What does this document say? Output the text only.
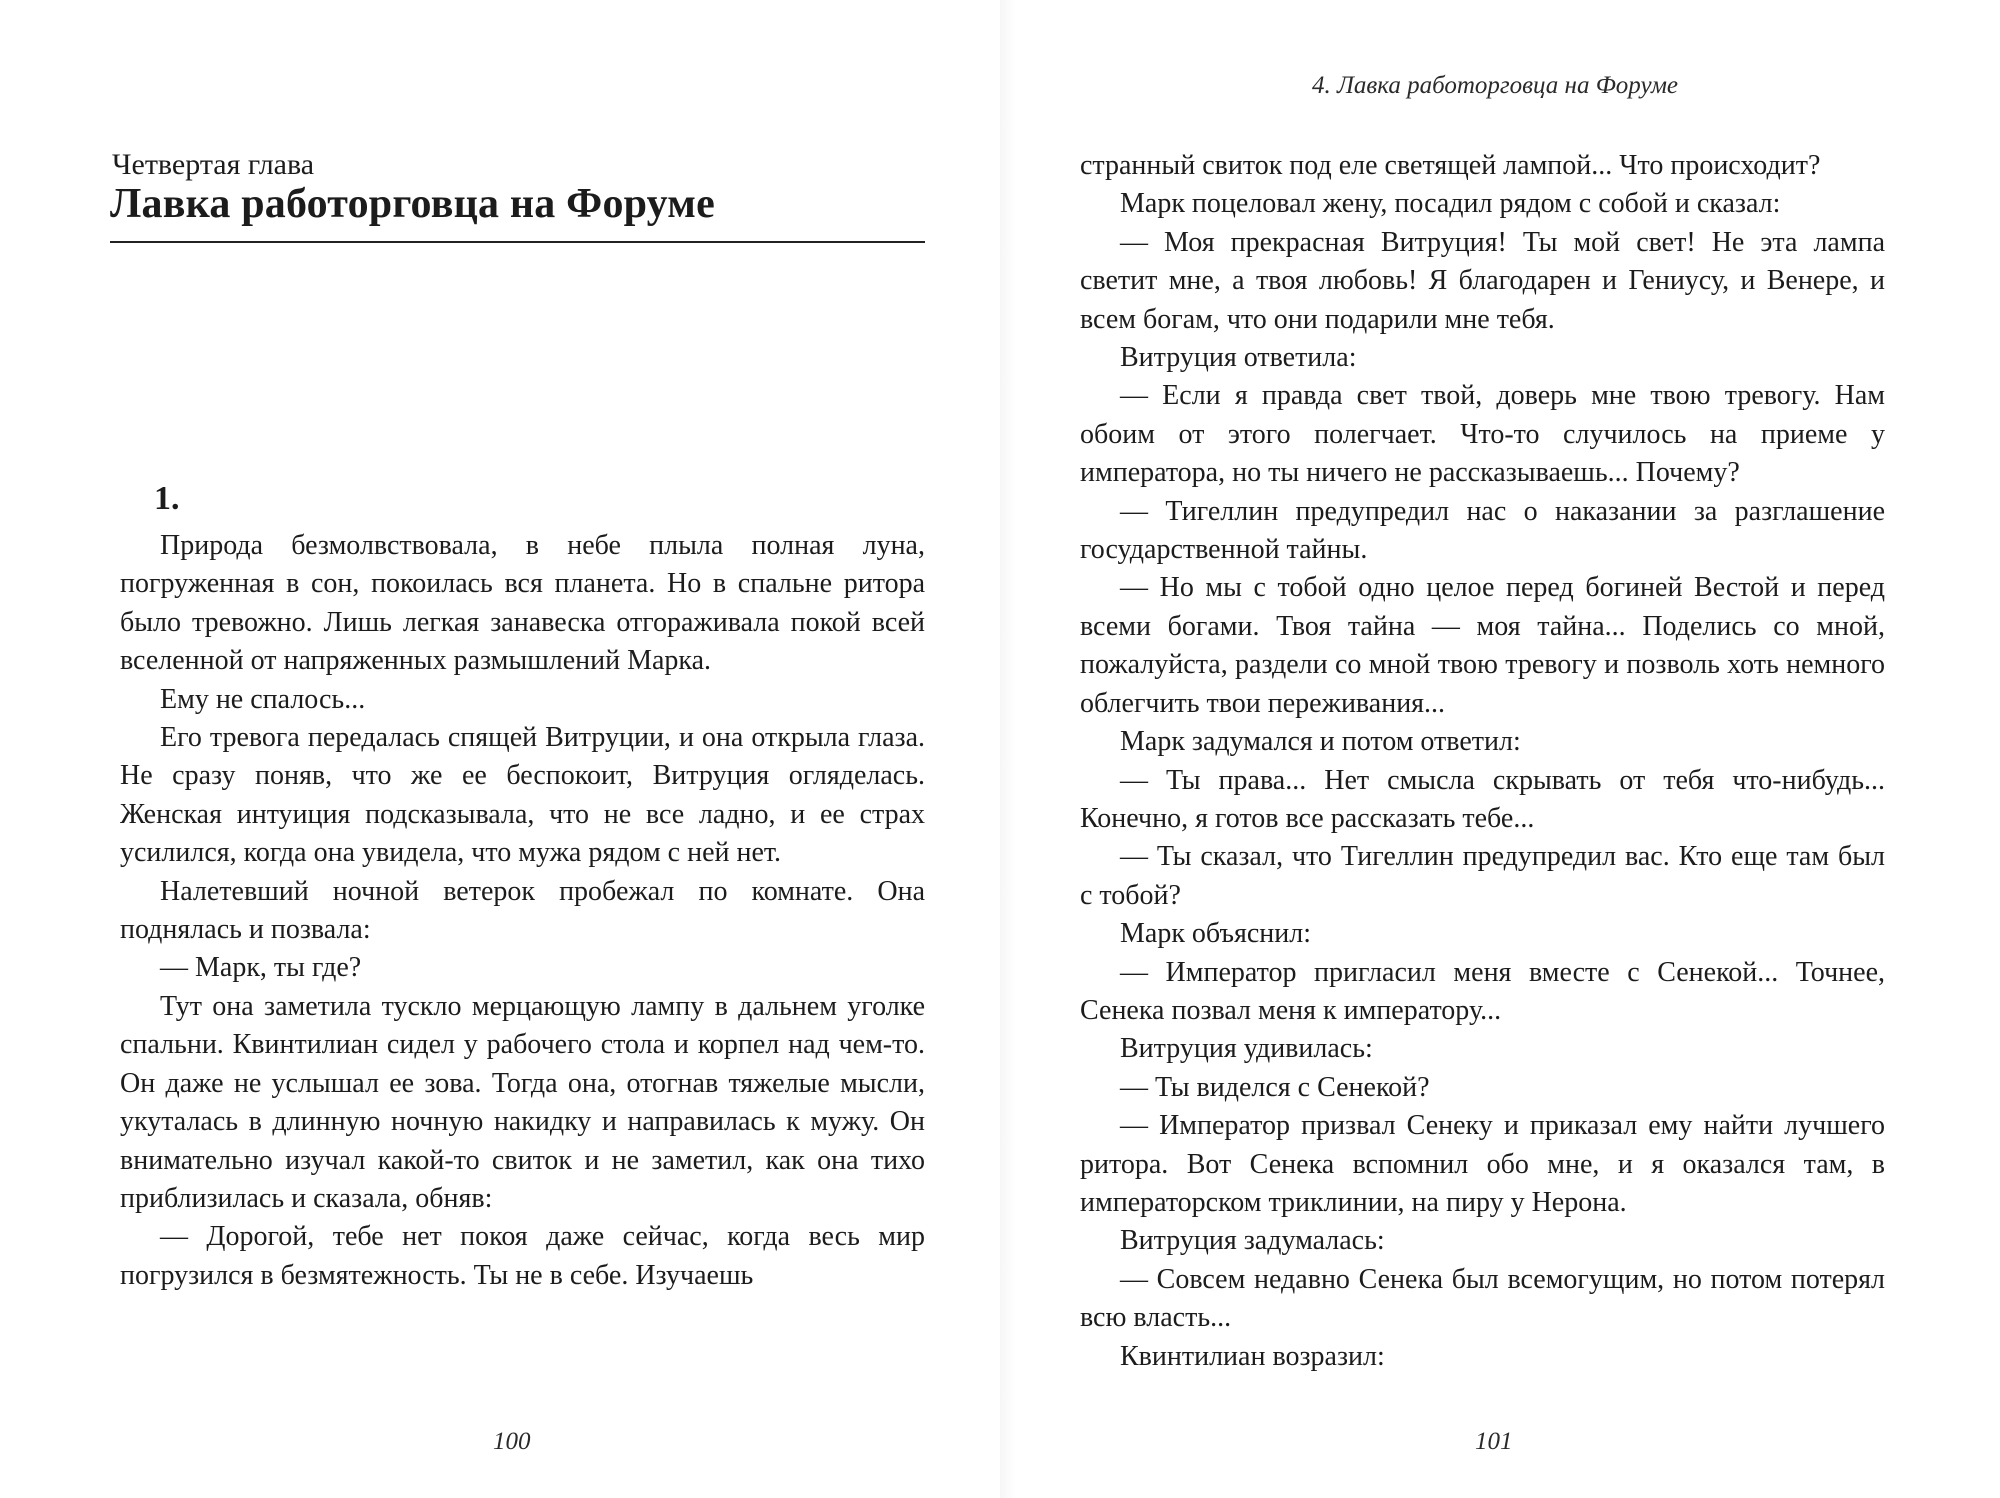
Четвертая глава
Лавка работорговца на Форуме
1.

Природа безмолвствовала, в небе плыла полная луна, погруженная в сон, покоилась вся планета. Но в спальне ритора было тревожно. Лишь легкая занавеска отгораживала покой всей вселенной от напряженных размышлений Марка.

Ему не спалось...

Его тревога передалась спящей Витруции, и она открыла глаза. Не сразу поняв, что же ее беспокоит, Витруция огляделась. Женская интуиция подсказывала, что не все ладно, и ее страх усилился, когда она увидела, что мужа рядом с ней нет.

Налетевший ночной ветерок пробежал по комнате. Она поднялась и позвала:

— Марк, ты где?

Тут она заметила тускло мерцающую лампу в дальнем уголке спальни. Квинтилиан сидел у рабочего стола и корпел над чем-то. Он даже не услышал ее зова. Тогда она, отогнав тяжелые мысли, укуталась в длинную ночную накидку и направилась к мужу. Он внимательно изучал какой-то свиток и не заметил, как она тихо приблизилась и сказала, обняв:

— Дорогой, тебе нет покоя даже сейчас, когда весь мир погрузился в безмятежность. Ты не в себе. Изучаешь

100
4. Лавка работорговца на Форуме

странный свиток под еле светящей лампой... Что происходит?

Марк поцеловал жену, посадил рядом с собой и сказал:

— Моя прекрасная Витруция! Ты мой свет! Не эта лампа светит мне, а твоя любовь! Я благодарен и Гениусу, и Венере, и всем богам, что они подарили мне тебя.

Витруция ответила:

— Если я правда свет твой, доверь мне твою тревогу. Нам обоим от этого полегчает. Что-то случилось на приеме у императора, но ты ничего не рассказываешь... Почему?

— Тигеллин предупредил нас о наказании за разглашение государственной тайны.

— Но мы с тобой одно целое перед богиней Вестой и перед всеми богами. Твоя тайна — моя тайна... Поделись со мной, пожалуйста, раздели со мной твою тревогу и позволь хоть немного облегчить твои переживания...

Марк задумался и потом ответил:

— Ты права... Нет смысла скрывать от тебя что-нибудь... Конечно, я готов все рассказать тебе...

— Ты сказал, что Тигеллин предупредил вас. Кто еще там был с тобой?

Марк объяснил:

— Император пригласил меня вместе с Сенекой... Точнее, Сенека позвал меня к императору...

Витруция удивилась:

— Ты виделся с Сенекой?

— Император призвал Сенеку и приказал ему найти лучшего ритора. Вот Сенека вспомнил обо мне, и я оказался там, в императорском триклинии, на пиру у Нерона.

Витруция задумалась:

— Совсем недавно Сенека был всемогущим, но потом потерял всю власть...

Квинтилиан возразил:

101
